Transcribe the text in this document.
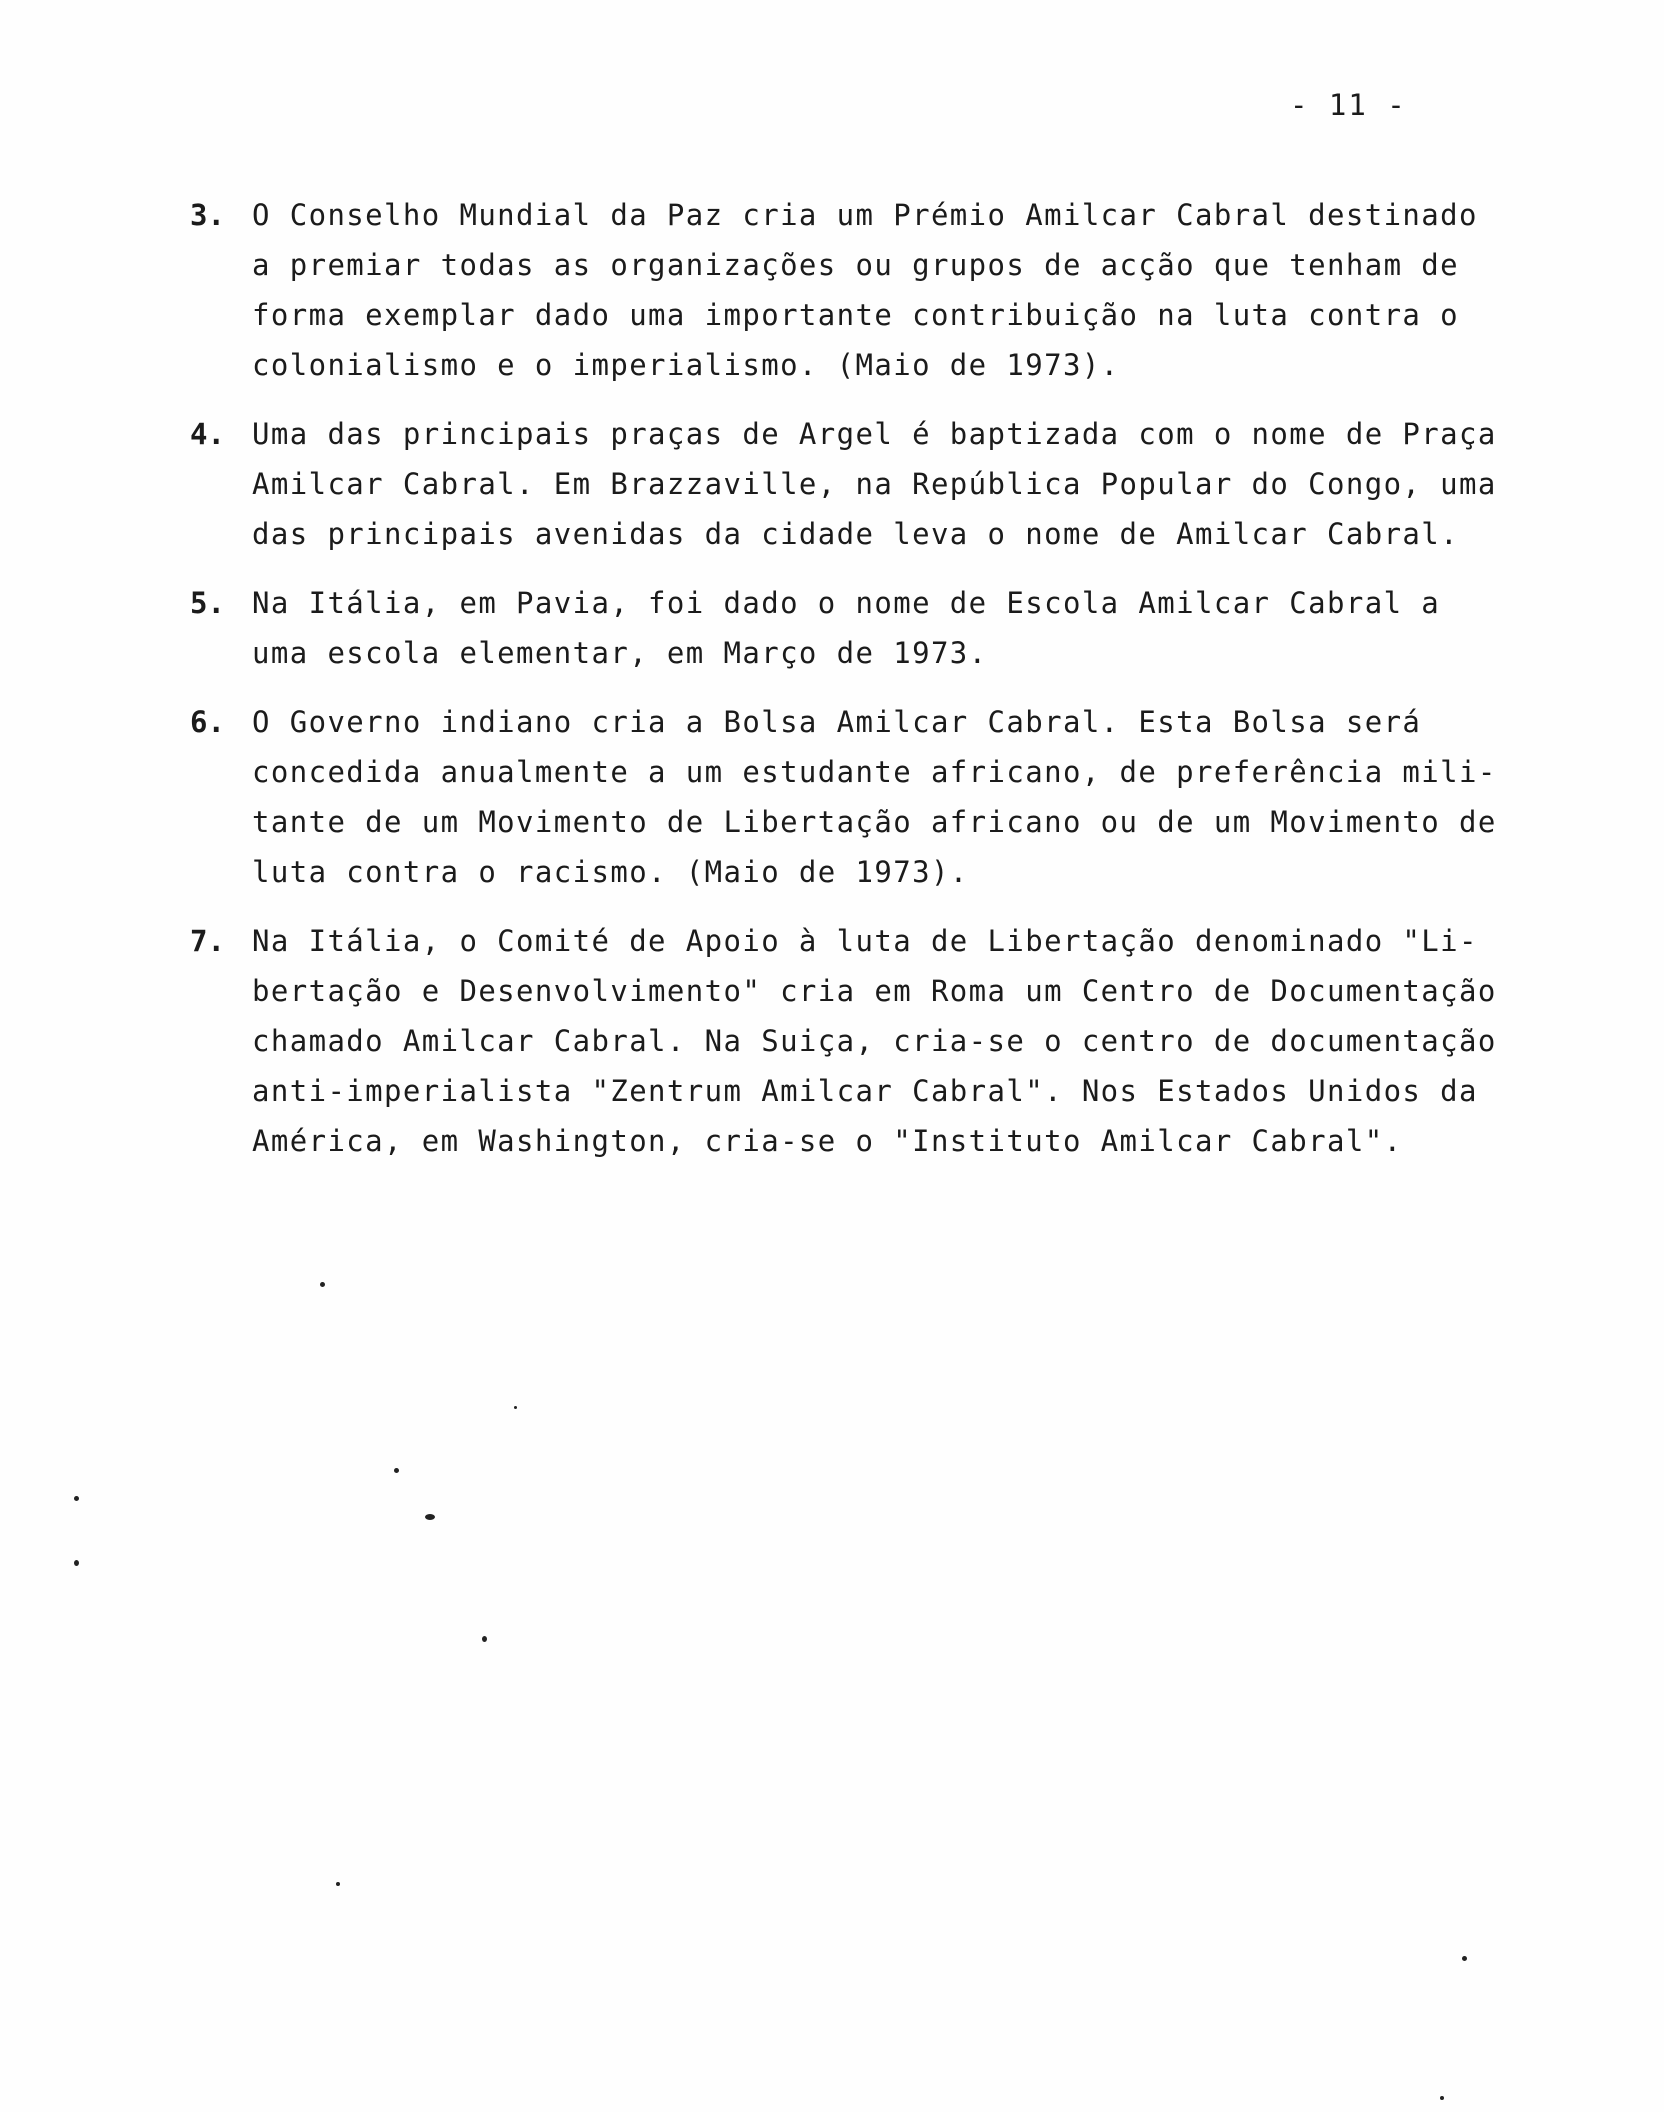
- 11 -
3. O Conselho Mundial da Paz cria um Prémio Amilcar Cabral destinado
a premiar todas as organizações ou grupos de acção que tenham de
forma exemplar dado uma importante contribuição na luta contra o
colonialismo e o imperialismo. (Maio de 1973).
4. Uma das principais praças de Argel é baptizada com o nome de Praça
Amilcar Cabral. Em Brazzaville, na República Popular do Congo, uma
das principais avenidas da cidade leva o nome de Amilcar Cabral.
5. Na Itália, em Pavia, foi dado o nome de Escola Amilcar Cabral a
uma escola elementar, em Março de 1973.
6. O Governo indiano cria a Bolsa Amilcar Cabral. Esta Bolsa será
concedida anualmente a um estudante africano, de preferência mili-
tante de um Movimento de Libertação africano ou de um Movimento de
luta contra o racismo. (Maio de 1973).
7. Na Itália, o Comité de Apoio à luta de Libertação denominado "Li-
bertação e Desenvolvimento" cria em Roma um Centro de Documentação
chamado Amilcar Cabral. Na Suiça, cria-se o centro de documentação
anti-imperialista "Zentrum Amilcar Cabral". Nos Estados Unidos da
América, em Washington, cria-se o "Instituto Amilcar Cabral".
